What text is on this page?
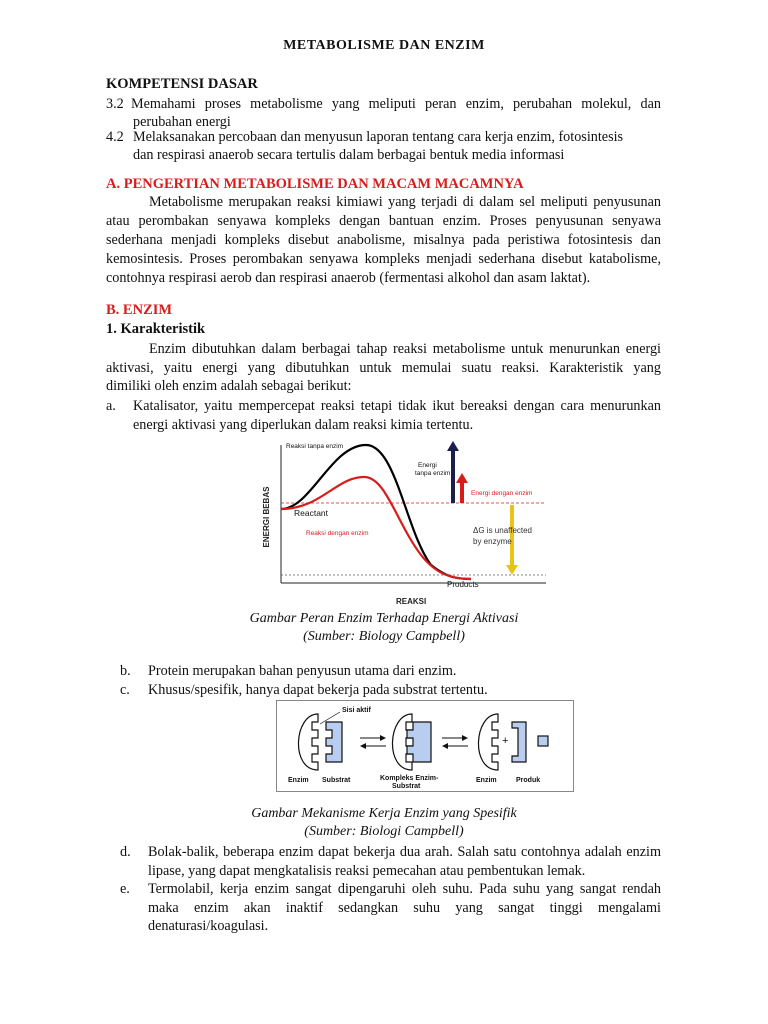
METABOLISME DAN ENZIM
KOMPETENSI DASAR
3.2 Memahami proses metabolisme yang meliputi peran enzim, perubahan molekul, dan
perubahan energi
4.2 Melaksanakan percobaan dan menyusun laporan tentang cara kerja enzim, fotosintesis
dan respirasi anaerob secara tertulis dalam berbagai bentuk media informasi
A. PENGERTIAN METABOLISME DAN MACAM MACAMNYA
Metabolisme merupakan reaksi kimiawi yang terjadi di dalam sel meliputi penyusunan
atau perombakan senyawa kompleks dengan bantuan enzim. Proses penyusunan senyawa
sederhana menjadi kompleks disebut anabolisme, misalnya pada peristiwa fotosintesis dan
kemosintesis. Proses perombakan senyawa kompleks menjadi sederhana disebut katabolisme,
contohnya respirasi aerob dan respirasi anaerob (fermentasi alkohol dan asam laktat).
B. ENZIM
1. Karakteristik
Enzim dibutuhkan dalam berbagai tahap reaksi metabolisme untuk menurunkan energi
aktivasi, yaitu energi yang dibutuhkan untuk memulai suatu reaksi. Karakteristik yang
dimiliki oleh enzim adalah sebagai berikut:
a. Katalisator, yaitu mempercepat reaksi tetapi tidak ikut bereaksi dengan cara menurunkan
energi aktivasi yang diperlukan dalam reaksi kimia tertentu.
ENERGI BEBAS
Reaksi tanpa enzim
Reactant
Reaksi dengan enzim
Products
Energi
tanpa enzim
Energi dengan enzim
ΔG is unaffected
by enzyme
REAKSI
Gambar Peran Enzim Terhadap Energi Aktivasi
(Sumber: Biology Campbell)
b. Protein merupakan bahan penyusun utama dari enzim.
c. Khusus/spesifik, hanya dapat bekerja pada substrat tertentu.
Sisi aktif
+
Enzim Substrat	Kompleks Enzim-
Substrat
Enzim	Produk
Gambar Mekanisme Kerja Enzim yang Spesifik
(Sumber: Biologi Campbell)
d. Bolak-balik, beberapa enzim dapat bekerja dua arah. Salah satu contohnya adalah enzim
lipase, yang dapat mengkatalisis reaksi pemecahan atau pembentukan lemak.
e. Termolabil, kerja enzim sangat dipengaruhi oleh suhu. Pada suhu yang sangat rendah
maka enzim akan inaktif sedangkan suhu yang sangat tinggi mengalami
denaturasi/koagulasi.
